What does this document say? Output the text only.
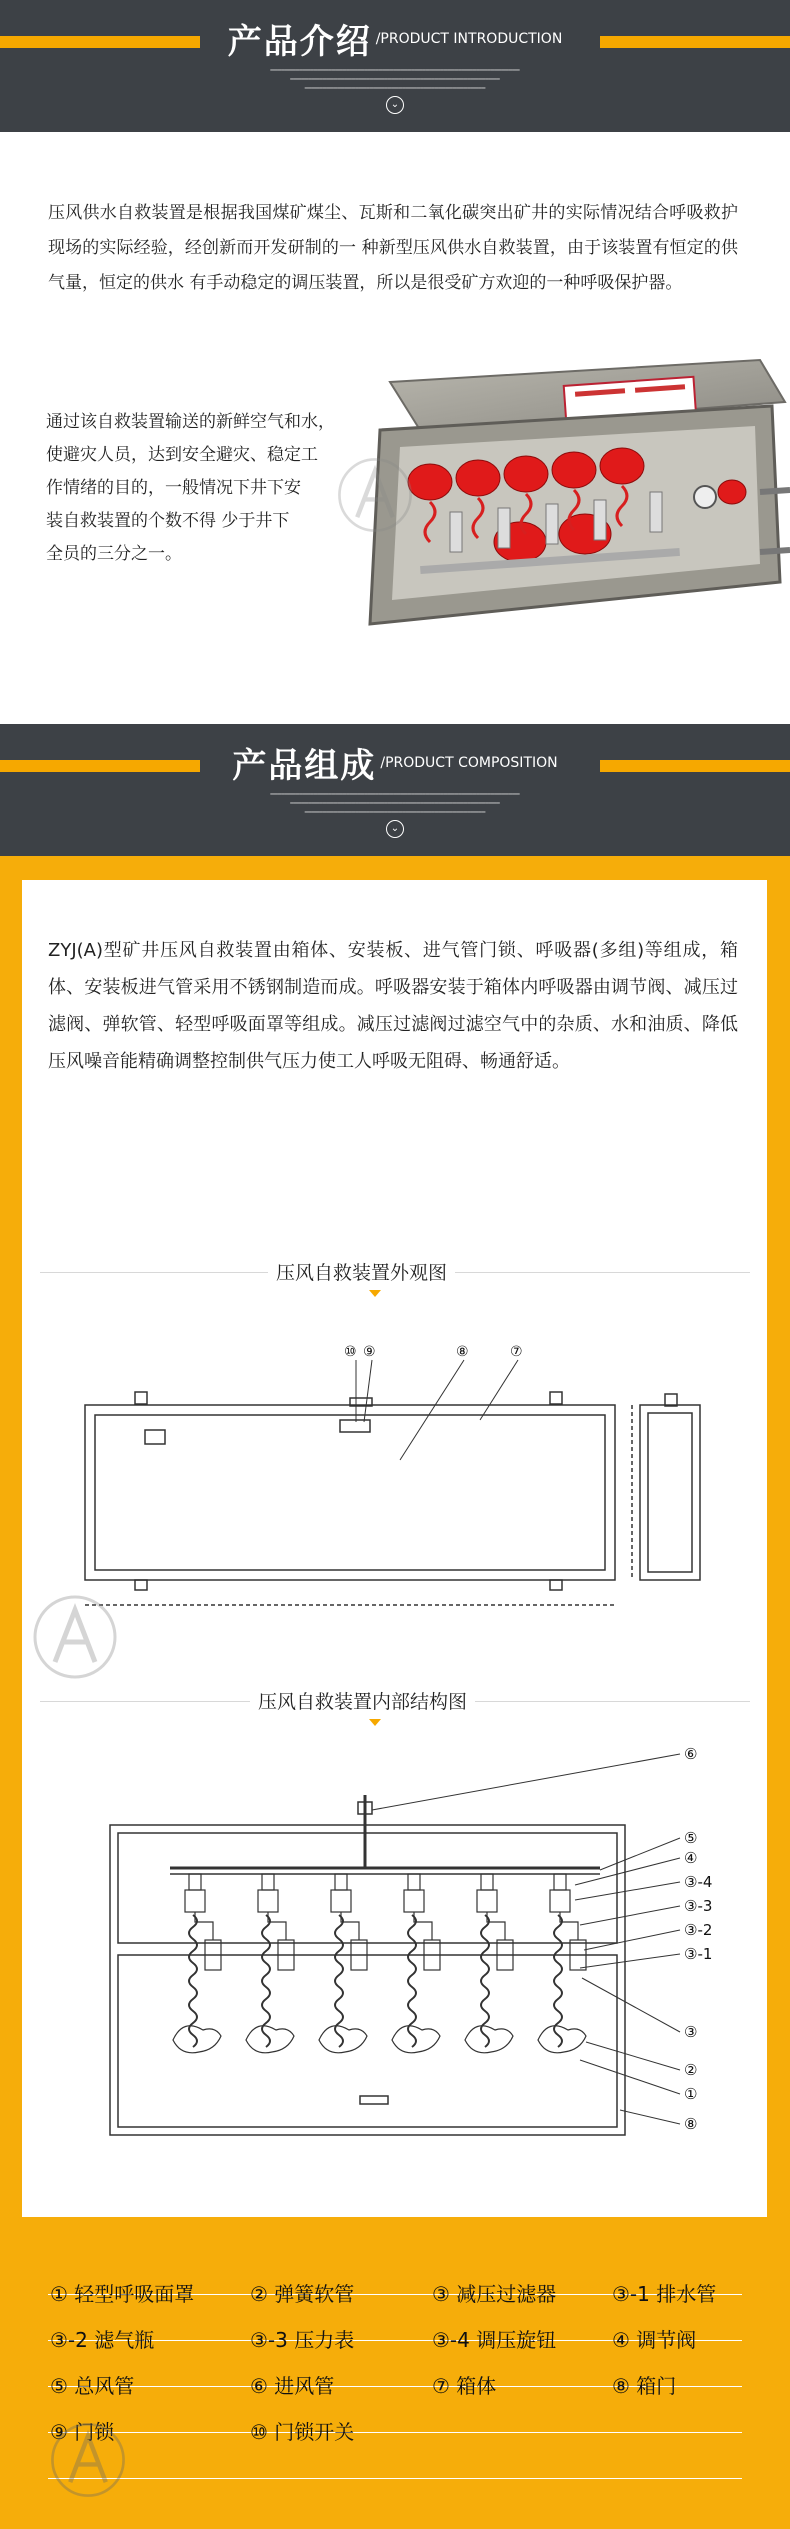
产品介绍 /PRODUCT INTRODUCTION
━━━━━━━━━━━━━━━━━━━━━━━━━━━━━━━━━━━━━━━━━━━━━━━━━━━━━━━━━━━━━━━━━━━━━
━━━━━━━━━━━━━━━━━━━━━━━━━━━━━━━━━━━━━━━━━━━━━━━━━━━━━━━━━━
━━━━━━━━━━━━━━━━━━━━━━━━━━━━━━━━━━━━━━━━━━━━━━━━━━
⌄
压风供水自救装置是根据我国煤矿煤尘、瓦斯和二氧化碳突出矿井的实际情况结合呼吸救护现场的实际经验，经创新而开发研制的一 种新型压风供水自救装置，由于该装置有恒定的供气量，恒定的供水 有手动稳定的调压装置，所以是很受矿方欢迎的一种呼吸保护器。
通过该自救装置输送的新鲜空气和水，
使避灾人员，达到安全避灾、稳定工
作情绪的目的，一般情况下井下安
装自救装置的个数不得 少于井下
全员的三分之一。
产品组成 /PRODUCT COMPOSITION
━━━━━━━━━━━━━━━━━━━━━━━━━━━━━━━━━━━━━━━━━━━━━━━━━━━━━━━━━━━━━━━━━━━━━
━━━━━━━━━━━━━━━━━━━━━━━━━━━━━━━━━━━━━━━━━━━━━━━━━━━━━━━━━━
━━━━━━━━━━━━━━━━━━━━━━━━━━━━━━━━━━━━━━━━━━━━━━━━━━
⌄
ZYJ(A)型矿井压风自救装置由箱体、安装板、进气管门锁、呼吸器(多组)等组成，箱体、安装板进气管采用不锈钢制造而成。呼吸器安装于箱体内呼吸器由调节阀、减压过滤阀、弹软管、轻型呼吸面罩等组成。减压过滤阀过滤空气中的杂质、水和油质、降低压风噪音能精确调整控制供气压力使工人呼吸无阻碍、畅通舒适。
压风自救装置外观图
⑩ ⑨	⑧	⑦
压风自救装置内部结构图
⑥
⑤
④
③-4
③-3
③-2
③-1
③
②
①
⑧
① 轻型呼吸面罩	② 弹簧软管	③ 减压过滤器	③-1 排水管
③-2 滤气瓶	③-3 压力表	③-4 调压旋钮	④ 调节阀
⑤ 总风管	⑥ 进风管	⑦ 箱体	⑧ 箱门
⑨ 门锁	⑩ 门锁开关
